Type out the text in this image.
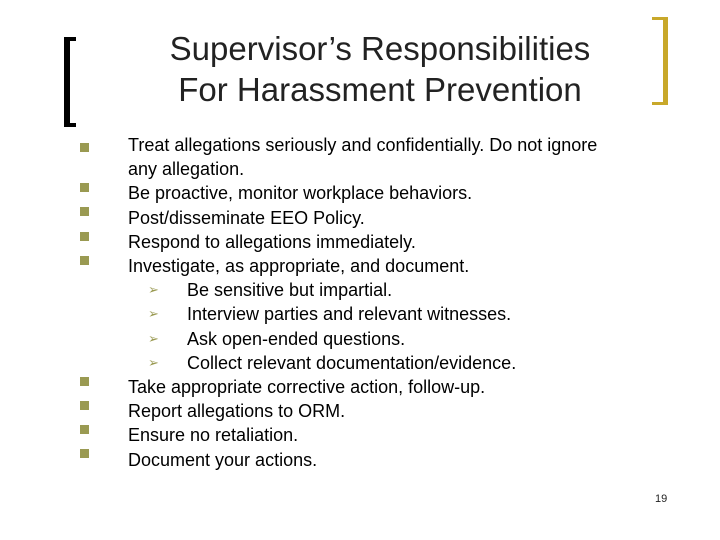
Supervisor’s Responsibilities
For Harassment Prevention
Treat allegations seriously and confidentially. Do not ignore
any allegation.
Be proactive, monitor workplace behaviors.
Post/disseminate EEO Policy.
Respond to allegations immediately.
Investigate, as appropriate, and document.
➢	Be sensitive but impartial.
➢	Interview parties and relevant witnesses.
➢	Ask open-ended questions.
➢	Collect relevant documentation/evidence.
Take appropriate corrective action, follow-up.
Report allegations to ORM.
Ensure no retaliation.
Document your actions.
19
